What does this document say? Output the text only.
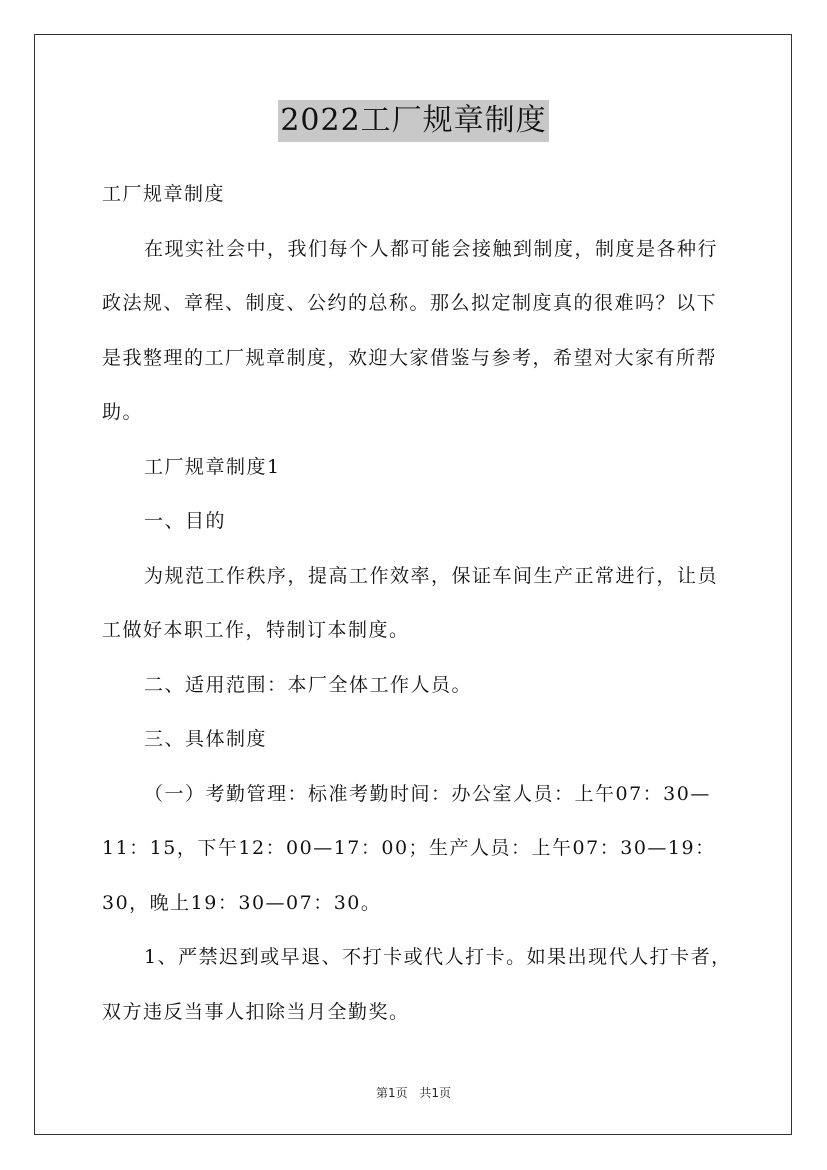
2022工厂规章制度

工厂规章制度

在现实社会中，我们每个人都可能会接触到制度，制度是各种行政法规、章程、制度、公约的总称。那么拟定制度真的很难吗？以下是我整理的工厂规章制度，欢迎大家借鉴与参考，希望对大家有所帮助。

工厂规章制度1

一、目的

为规范工作秩序，提高工作效率，保证车间生产正常进行，让员工做好本职工作，特制订本制度。

二、适用范围：本厂全体工作人员。

三、具体制度

（一）考勤管理：标准考勤时间：办公室人员：上午07：30—11：15，下午12：00—17：00；生产人员：上午07：30—19：30，晚上19：30—07：30。

1、严禁迟到或早退、不打卡或代人打卡。如果出现代人打卡者，双方违反当事人扣除当月全勤奖。

第1页 共1页
